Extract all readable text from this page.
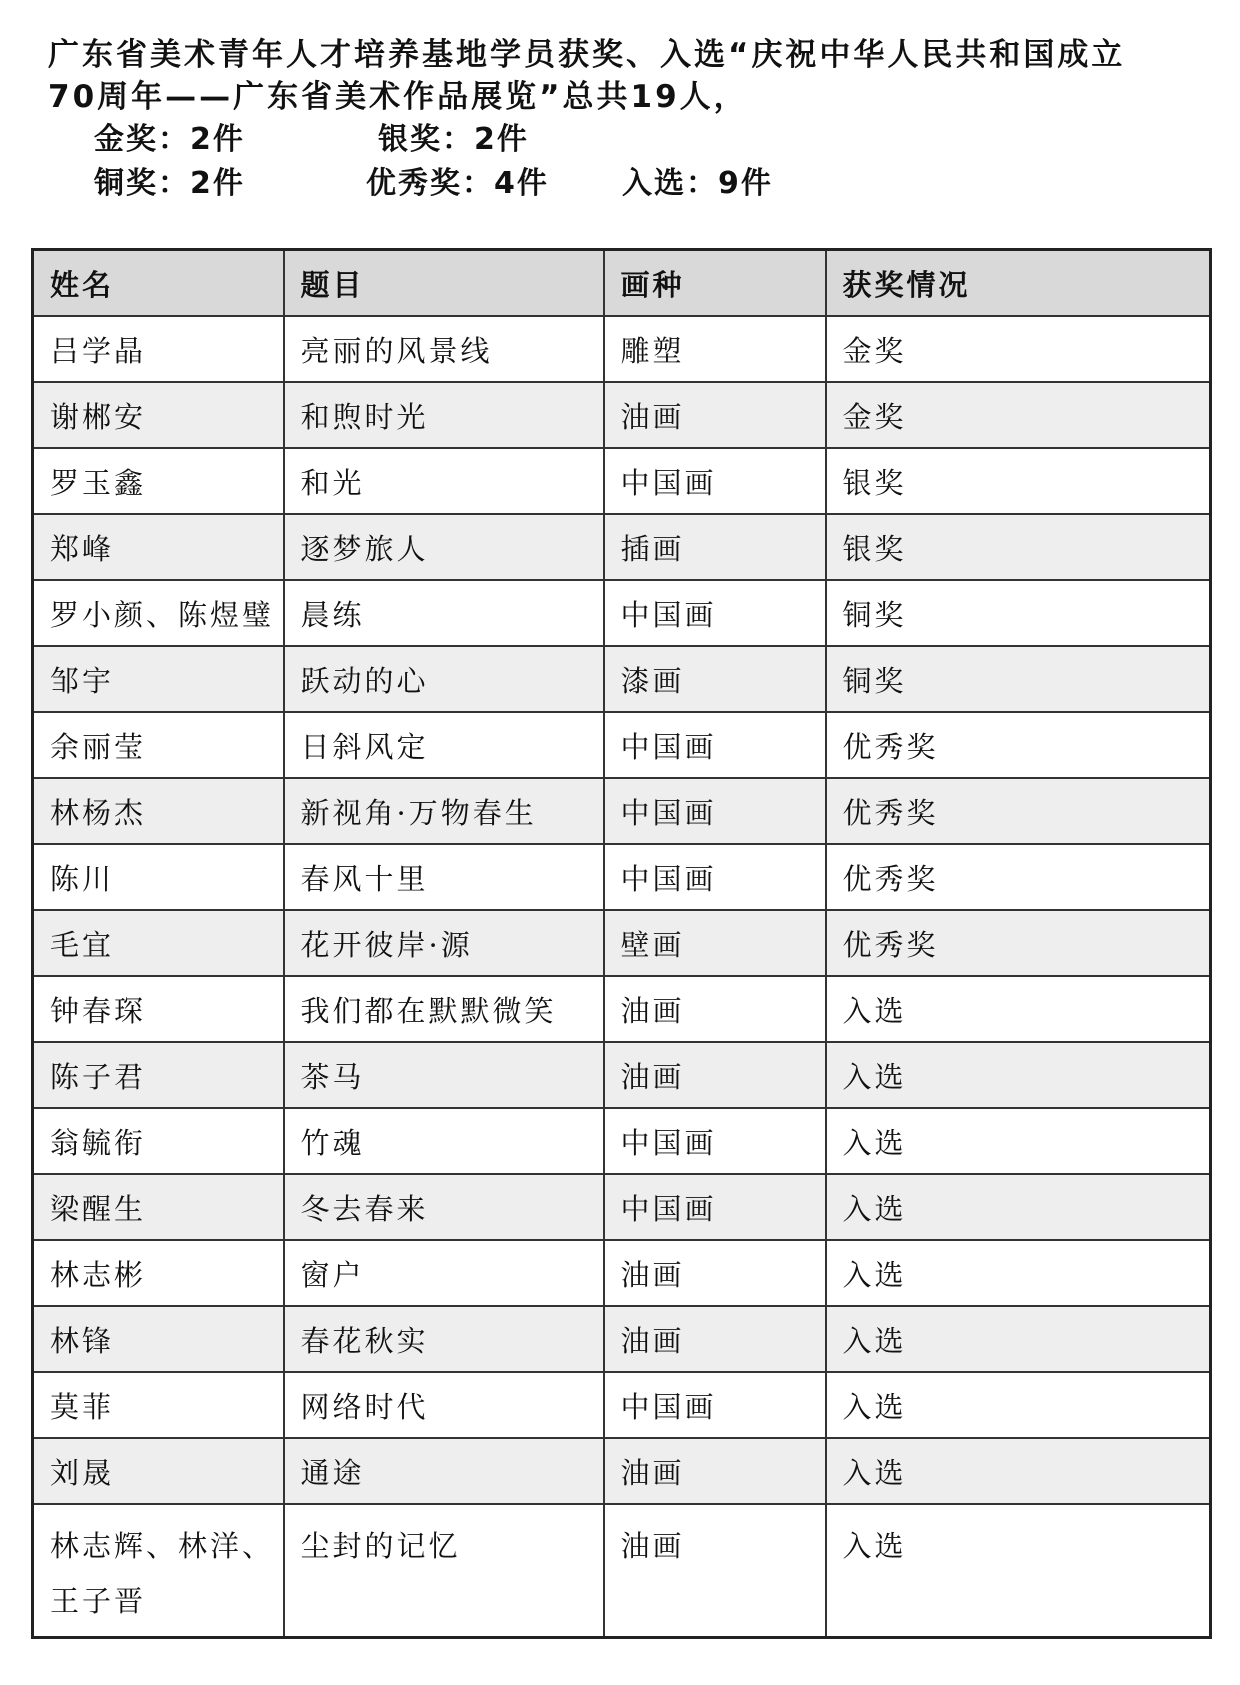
广东省美术青年人才培养基地学员获奖、入选“庆祝中华人民共和国成立
70周年——广东省美术作品展览”总共19人，
金奖：2件	银奖：2件
铜奖：2件	优秀奖：4件 入选：9件
姓名	题目	画种	获奖情况
吕学晶	亮丽的风景线	雕塑	金奖
谢郴安	和煦时光	油画	金奖
罗玉鑫	和光	中国画	银奖
郑峰	逐梦旅人	插画	银奖
罗小颜、陈煜璧	晨练	中国画	铜奖
邹宇	跃动的心	漆画	铜奖
余丽莹	日斜风定	中国画	优秀奖
林杨杰	新视角·万物春生	中国画	优秀奖
陈川	春风十里	中国画	优秀奖
毛宜	花开彼岸·源	壁画	优秀奖
钟春琛	我们都在默默微笑	油画	入选
陈子君	茶马	油画	入选
翁毓衔	竹魂	中国画	入选
梁醒生	冬去春来	中国画	入选
林志彬	窗户	油画	入选
林锋	春花秋实	油画	入选
莫菲	网络时代	中国画	入选
刘晟	通途	油画	入选
林志辉、林洋、王子晋	尘封的记忆	油画	入选
